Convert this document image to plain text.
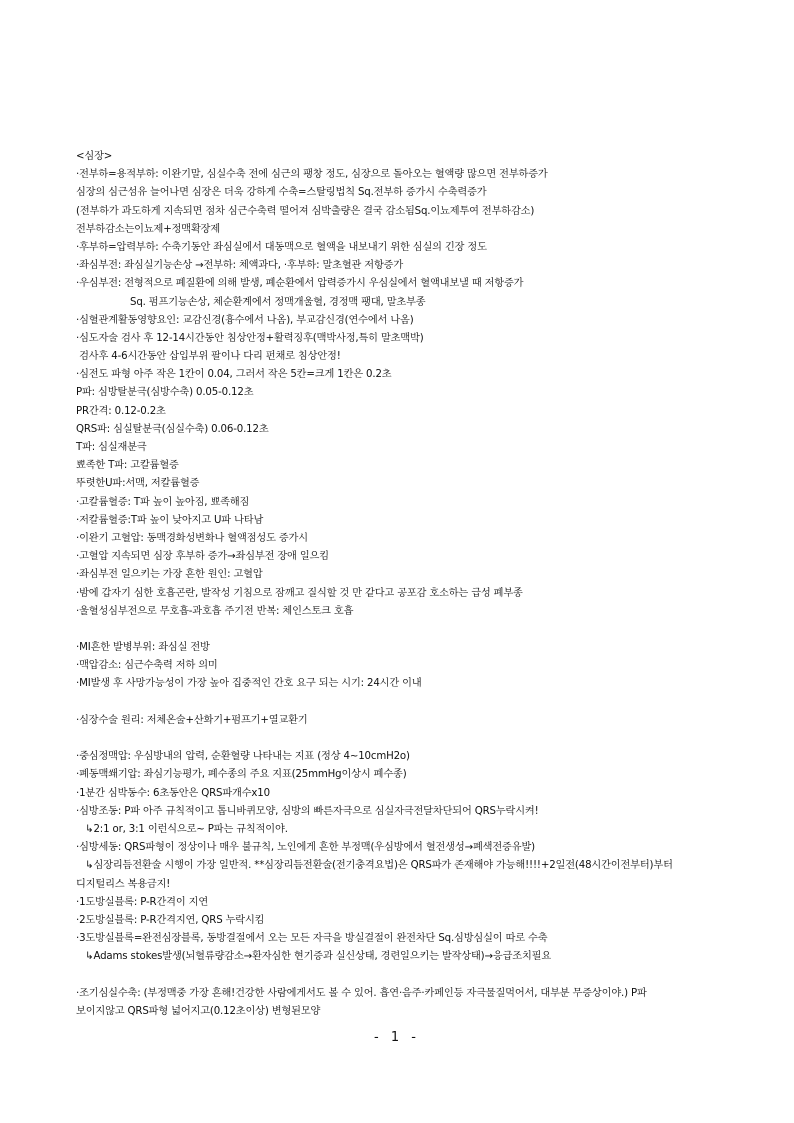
<심장>
·전부하=용적부하: 이완기말, 심실수축 전에 심근의 팽창 정도, 심장으로 돌아오는 혈액량 많으면 전부하증가
심장의 심근섬유 늘어나면 심장은 더욱 강하게 수축=스탈링법칙 Sq.전부하 증가시 수축력증가
(전부하가 과도하게 지속되면 점차 심근수축력 떨어져 심박출량은 결국 감소됨Sq.이뇨제투여 전부하감소)
전부하감소는이뇨제+정맥확장제
·후부하=압력부하: 수축기동안 좌심실에서 대동맥으로 혈액을 내보내기 위한 심실의 긴장 정도
·좌심부전: 좌심실기능손상 →전부하: 체액과다, ·후부하: 말초혈관 저항증가
·우심부전: 전형적으로 폐질환에 의해 발생, 폐순환에서 압력증가시 우심실에서 혈액내보낼 때 저항증가
Sq. 펌프기능손상, 체순환계에서 정맥개울혈, 경정맥 팽대, 말초부종
·심혈관계활동영향요인: 교감신경(흉수에서 나옴), 부교감신경(연수에서 나옴)
·심도자술 검사 후 12-14시간동안 침상안정+활력징후(맥박사정,특히 말초맥박)
검사후 4-6시간동안 삽입부위 팔이나 다리 펀채로 침상안정!
·심전도 파형 아주 작은 1칸이 0.04, 그러서 작은 5칸=크게 1칸은 0.2초
P파: 심방탈분극(심방수축) 0.05-0.12초
PR간격: 0.12-0.2초
QRS파: 심실탈분극(심실수축) 0.06-0.12초
T파: 심실재분극
뾰족한 T파: 고칼륨혈증
뚜렷한U파:서맥, 저칼륨혈증
·고칼륨혈증: T파 높이 높아짐, 뾰족해짐
·저칼륨혈증:T파 높이 낮아지고 U파 나타남
·이완기 고혈압: 동맥경화성변화나 혈액점성도 증가시
·고혈압 지속되면 심장 후부하 증가→좌심부전 장애 일으킴
·좌심부전 일으키는 가장 흔한 원인: 고혈압
·밤에 갑자기 심한 호흡곤란, 발작성 기침으로 잠깨고 질식할 것 만 같다고 공포감 호소하는 급성 폐부종
·울혈성심부전으로 무호흡-과호흡 주기전 반복: 체인스토크 호흡
·MI흔한 발병부위: 좌심실 전방
·맥압감소: 심근수축력 저하 의미
·MI발생 후 사망가능성이 가장 높아 집중적인 간호 요구 되는 시기: 24시간 이내
·심장수술 원리: 저체온술+산화기+펌프기+열교환기
·중심정맥압: 우심방내의 압력, 순환혈량 나타내는 지표 (정상 4~10cmH2o)
·폐동맥쐐기압: 좌심기능평가, 폐수종의 주요 지표(25mmHg이상시 폐수종)
·1분간 심박동수: 6초동안은 QRS파개수x10
·심방조동: P파 아주 규칙적이고 톱니바퀴모양, 심방의 빠른자극으로 심실자극전달차단되어 QRS누락시켜!
↳2:1 or, 3:1 이런식으로~ P파는 규칙적이야.
·심방세동: QRS파형이 정상이나 매우 불규칙, 노인에게 흔한 부정맥(우심방에서 혈전생성→폐색전증유발)
↳심장리듬전환술 시행이 가장 일반적. **심장리듬전환술(전기충격요법)은 QRS파가 존재해야 가능해!!!!+2일전(48시간이전부터)부터
디지털리스 복용금지!
·1도방실블록: P-R간격이 지연
·2도방실블록: P-R간격지연, QRS 누락시킴
·3도방실블록=완전심장블록, 동방결절에서 오는 모든 자극을 방실결절이 완전차단 Sq.심방심실이 따로 수축
↳Adams stokes발생(뇌혈류량감소→환자심한 현기증과 실신상태, 경련일으키는 발작상태)→응급조치필요
·조기심실수축: (부정맥중 가장 흔해!건강한 사람에게서도 볼 수 있어. 흡연·음주·카페인등 자극물질먹어서, 대부분 무증상이야.) P파
보이지않고 QRS파형 넓어지고(0.12초이상) 변형된모양
- 1 -
